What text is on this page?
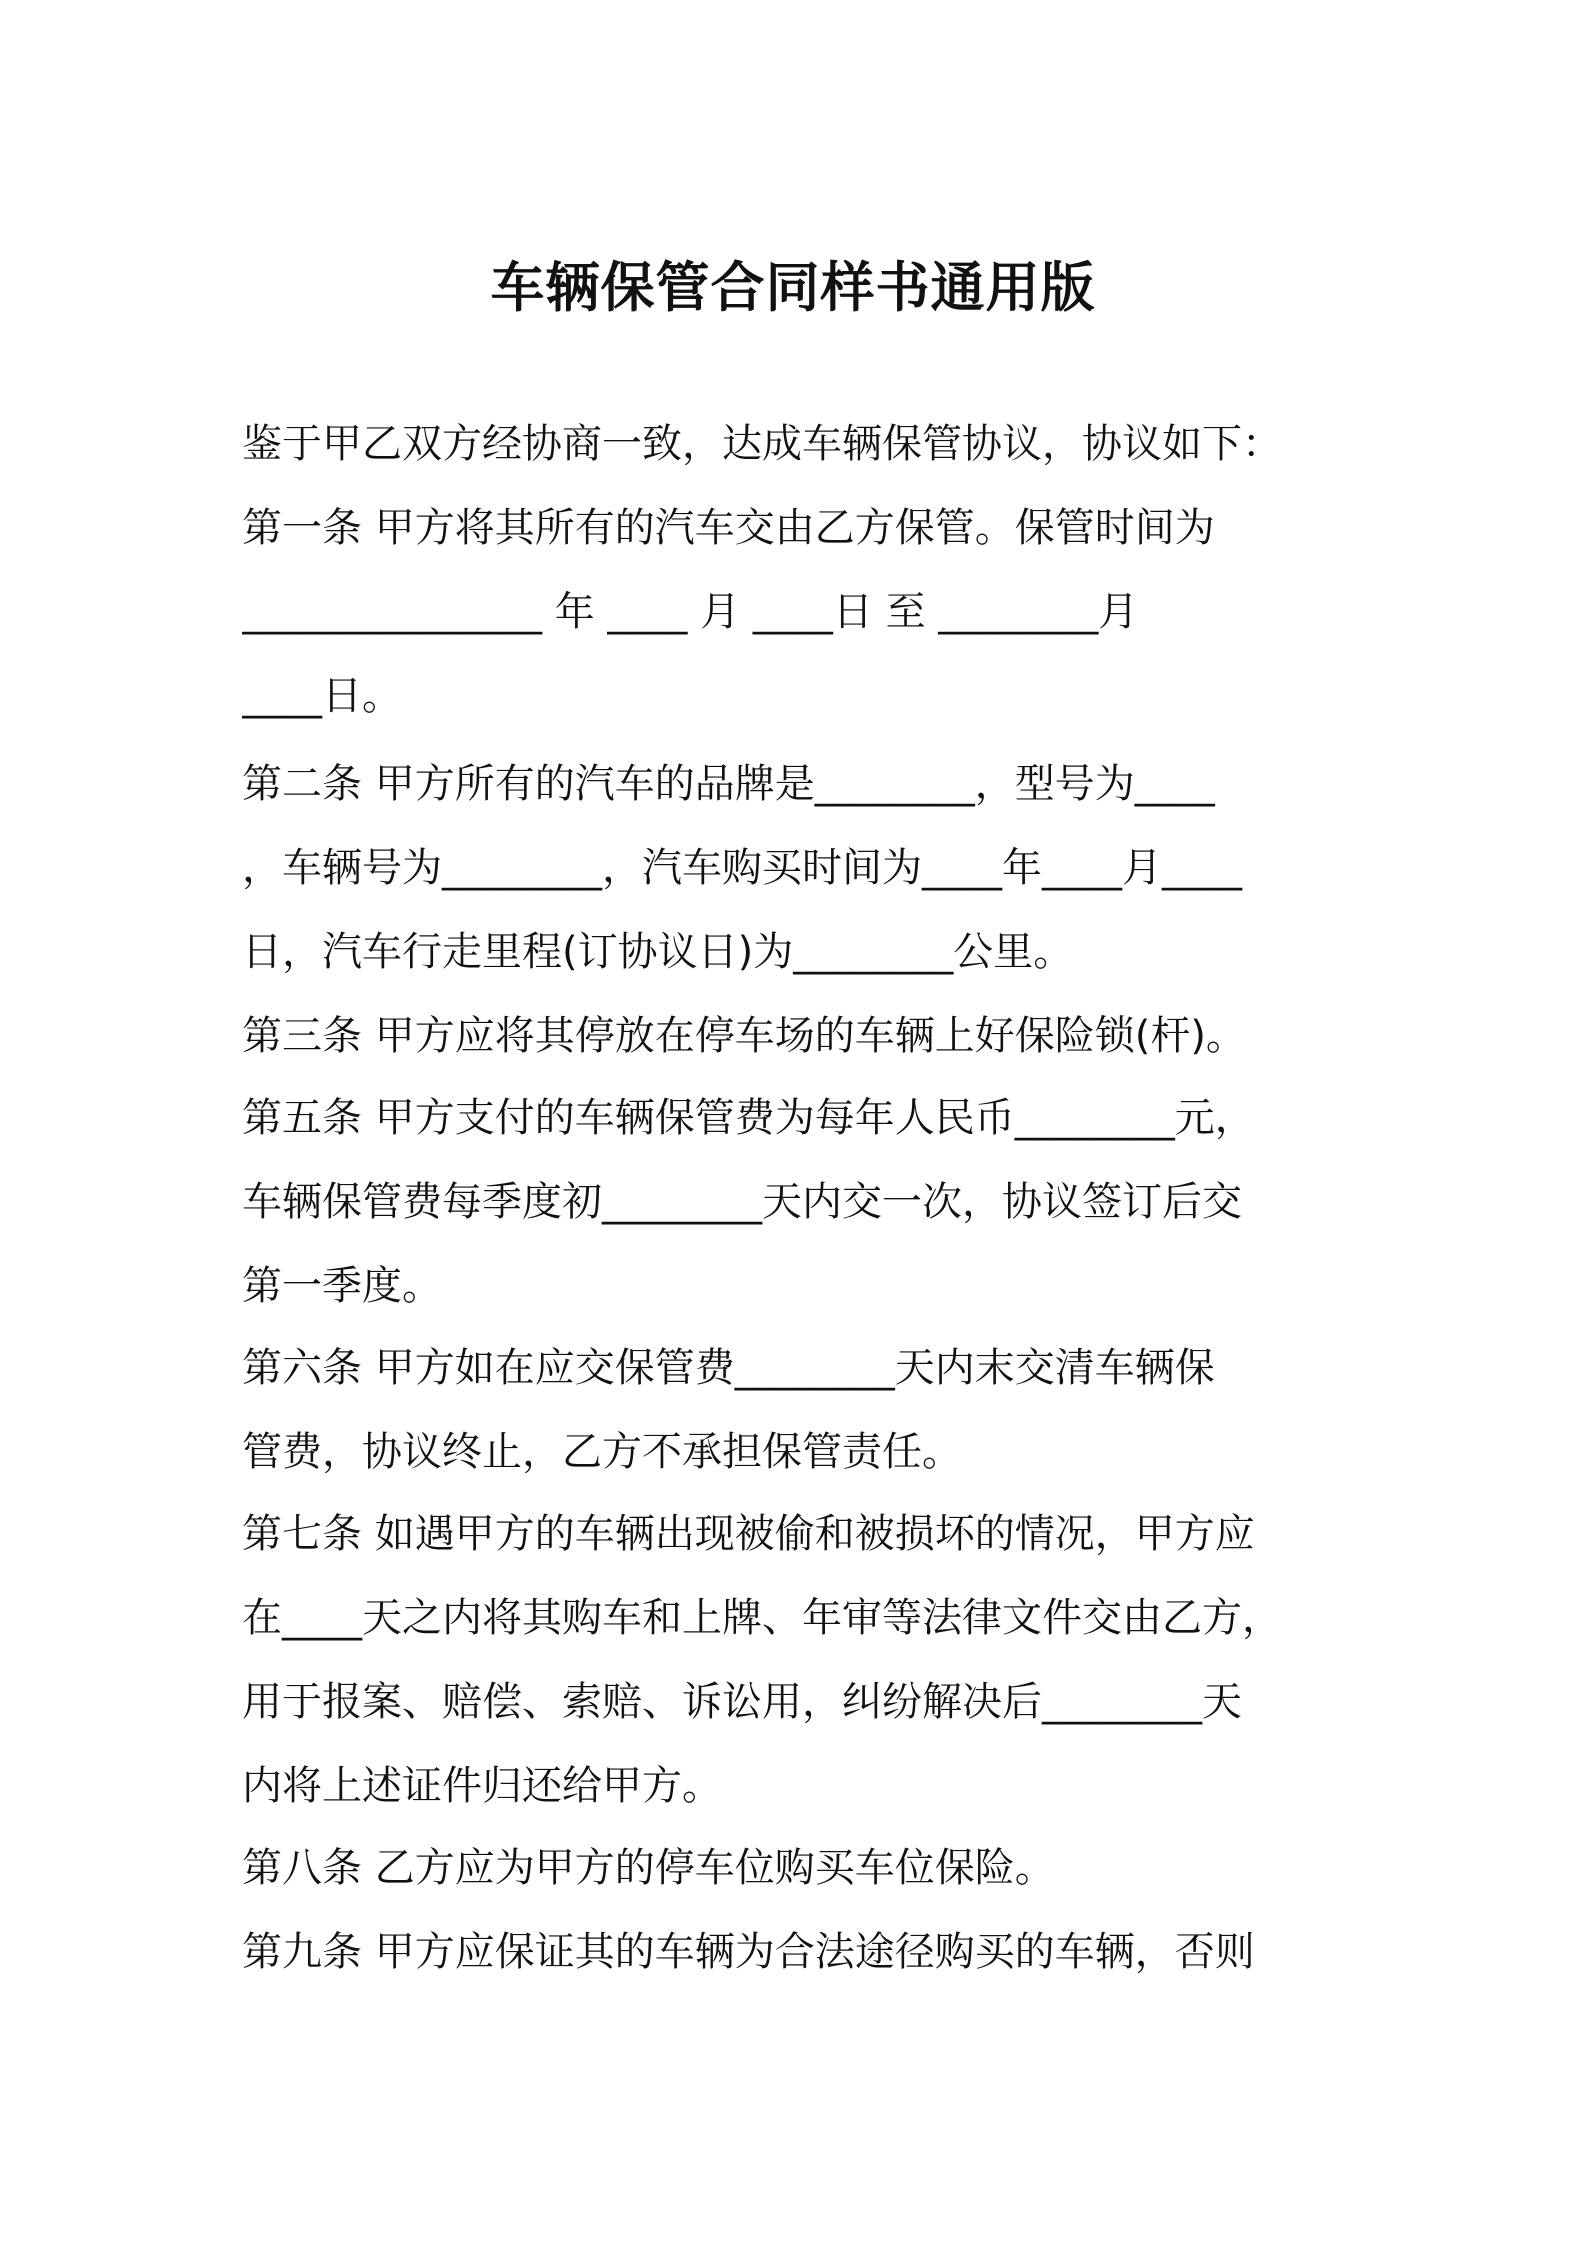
车辆保管合同样书通用版
鉴于甲乙双方经协商一致，达成车辆保管协议，协议如下：
第一条 甲方将其所有的汽车交由乙方保管。保管时间为
_______________ 年 ____ 月 ____日 至 ________月
____日。
第二条 甲方所有的汽车的品牌是________，型号为____
，车辆号为________，汽车购买时间为____年____月____
日，汽车行走里程(订协议日)为________公里。
第三条 甲方应将其停放在停车场的车辆上好保险锁(杆)。
第五条 甲方支付的车辆保管费为每年人民币________元，
车辆保管费每季度初________天内交一次，协议签订后交
第一季度。
第六条 甲方如在应交保管费________天内末交清车辆保
管费，协议终止，乙方不承担保管责任。
第七条 如遇甲方的车辆出现被偷和被损坏的情况，甲方应
在____天之内将其购车和上牌、年审等法律文件交由乙方，
用于报案、赔偿、索赔、诉讼用，纠纷解决后________天
内将上述证件归还给甲方。
第八条 乙方应为甲方的停车位购买车位保险。
第九条 甲方应保证其的车辆为合法途径购买的车辆，否则
